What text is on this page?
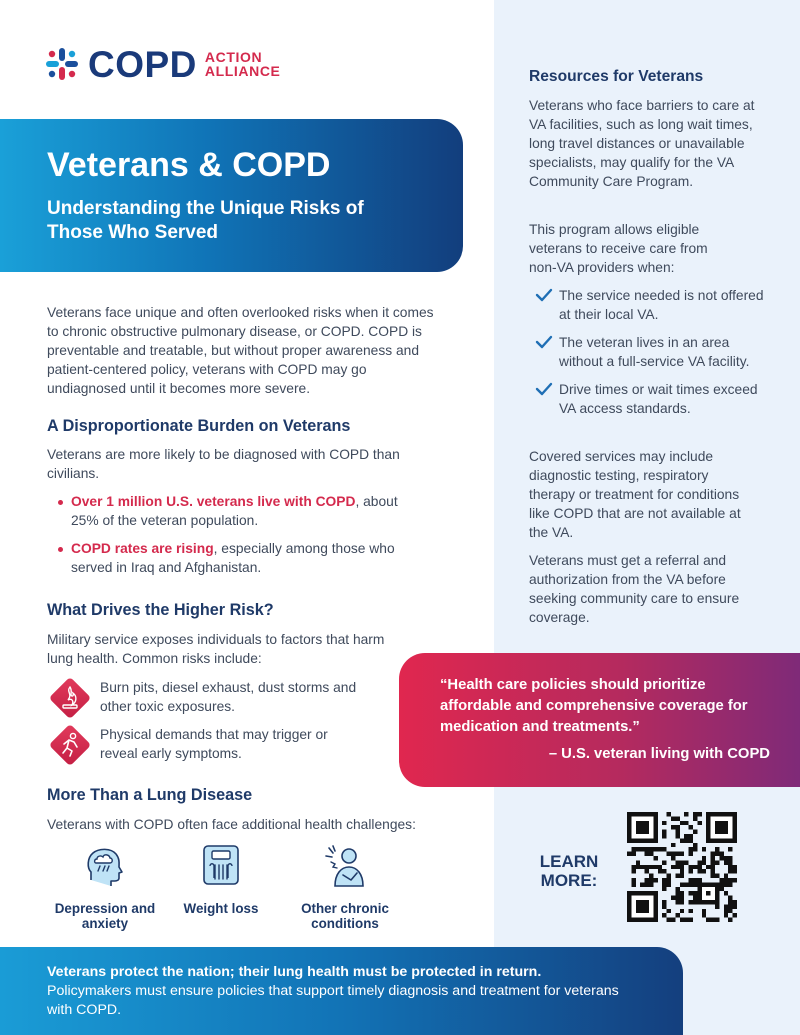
COPD ACTION
ALLIANCE
Veterans & COPD
Understanding the Unique Risks of Those Who Served
Veterans face unique and often overlooked risks when it comes to chronic obstructive pulmonary disease, or COPD. COPD is preventable and treatable, but without proper awareness and patient-centered policy, veterans with COPD may go undiagnosed until it becomes more severe.
A Disproportionate Burden on Veterans
Veterans are more likely to be diagnosed with COPD than civilians.
Over 1 million U.S. veterans live with COPD, about 25% of the veteran population.
COPD rates are rising, especially among those who served in Iraq and Afghanistan.
What Drives the Higher Risk?
Military service exposes individuals to factors that harm lung health. Common risks include:
Burn pits, diesel exhaust, dust storms and other toxic exposures.
Physical demands that may trigger or reveal early symptoms.
More Than a Lung Disease
Veterans with COPD often face additional health challenges:
Depression and anxiety
Weight loss	Other chronic conditions
Resources for Veterans
Veterans who face barriers to care at VA facilities, such as long wait times, long travel distances or unavailable specialists, may qualify for the VA Community Care Program.
This program allows eligible veterans to receive care from non-VA providers when:
The service needed is not offered at their local VA.
The veteran lives in an area without a full-service VA facility.
Drive times or wait times exceed VA access standards.
Covered services may include diagnostic testing, respiratory therapy or treatment for conditions like COPD that are not available at the VA.
Veterans must get a referral and authorization from the VA before seeking community care to ensure coverage.
“Health care policies should prioritize affordable and comprehensive coverage for medication and treatments.”
– U.S. veteran living with COPD
LEARN
MORE:
Veterans protect the nation; their lung health must be protected in return.
Policymakers must ensure policies that support timely diagnosis and treatment for veterans with COPD.
